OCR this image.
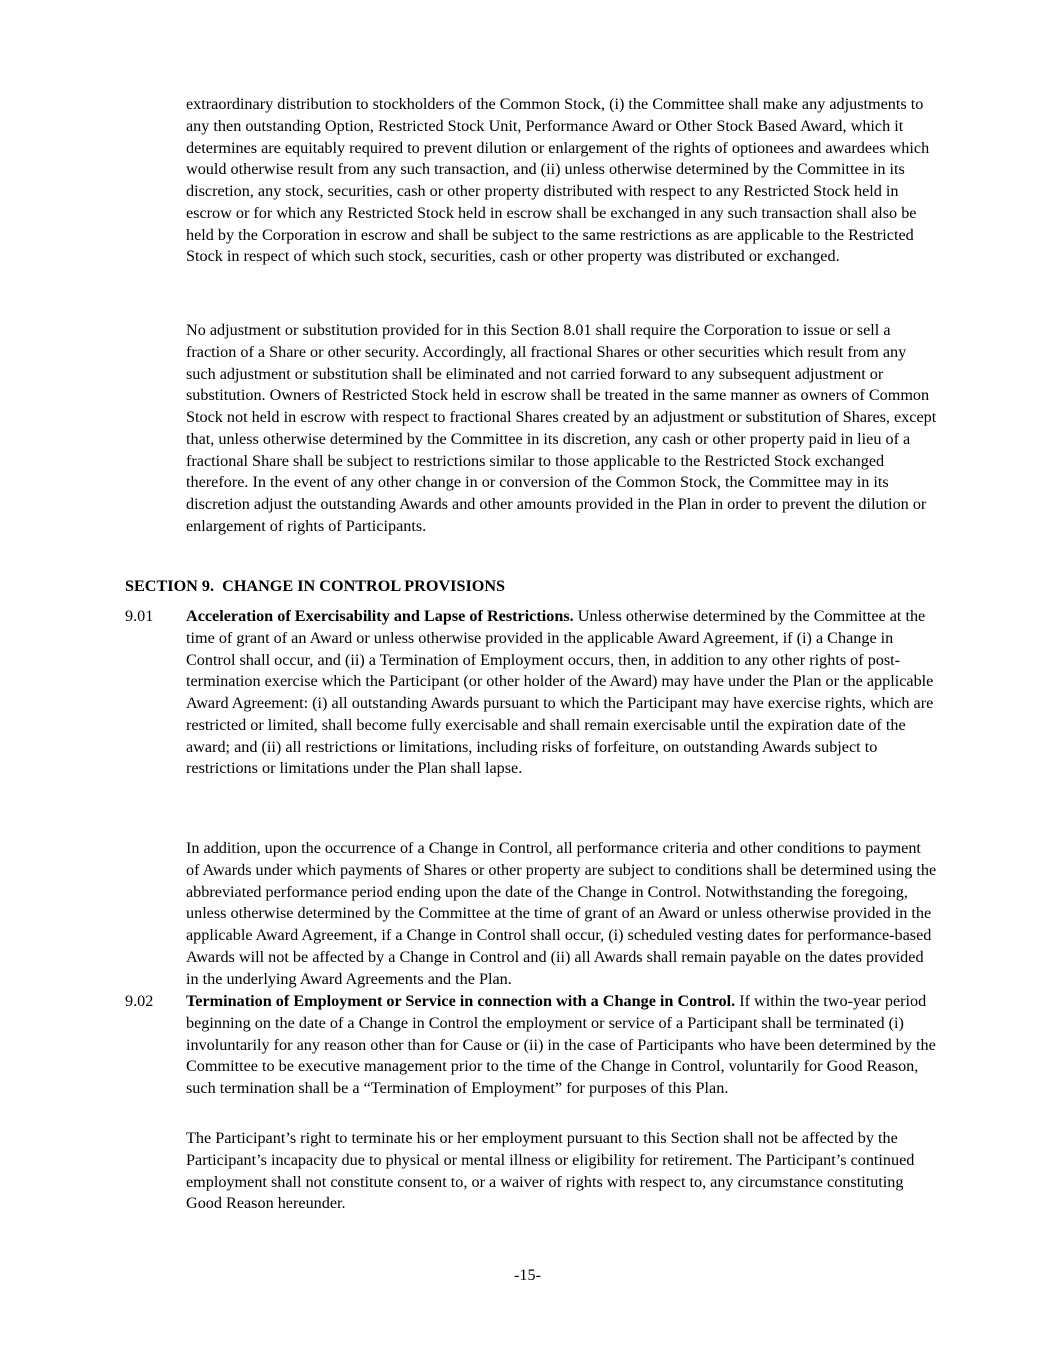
extraordinary distribution to stockholders of the Common Stock, (i) the Committee shall make any adjustments to any then outstanding Option, Restricted Stock Unit, Performance Award or Other Stock Based Award, which it determines are equitably required to prevent dilution or enlargement of the rights of optionees and awardees which would otherwise result from any such transaction, and (ii) unless otherwise determined by the Committee in its discretion, any stock, securities, cash or other property distributed with respect to any Restricted Stock held in escrow or for which any Restricted Stock held in escrow shall be exchanged in any such transaction shall also be held by the Corporation in escrow and shall be subject to the same restrictions as are applicable to the Restricted Stock in respect of which such stock, securities, cash or other property was distributed or exchanged.

No adjustment or substitution provided for in this Section 8.01 shall require the Corporation to issue or sell a fraction of a Share or other security. Accordingly, all fractional Shares or other securities which result from any such adjustment or substitution shall be eliminated and not carried forward to any subsequent adjustment or substitution. Owners of Restricted Stock held in escrow shall be treated in the same manner as owners of Common Stock not held in escrow with respect to fractional Shares created by an adjustment or substitution of Shares, except that, unless otherwise determined by the Committee in its discretion, any cash or other property paid in lieu of a fractional Share shall be subject to restrictions similar to those applicable to the Restricted Stock exchanged therefore. In the event of any other change in or conversion of the Common Stock, the Committee may in its discretion adjust the outstanding Awards and other amounts provided in the Plan in order to prevent the dilution or enlargement of rights of Participants.

SECTION 9.  CHANGE IN CONTROL PROVISIONS
9.01 Acceleration of Exercisability and Lapse of Restrictions. Unless otherwise determined by the Committee at the time of grant of an Award or unless otherwise provided in the applicable Award Agreement, if (i) a Change in Control shall occur, and (ii) a Termination of Employment occurs, then, in addition to any other rights of post-termination exercise which the Participant (or other holder of the Award) may have under the Plan or the applicable Award Agreement: (i) all outstanding Awards pursuant to which the Participant may have exercise rights, which are restricted or limited, shall become fully exercisable and shall remain exercisable until the expiration date of the award; and (ii) all restrictions or limitations, including risks of forfeiture, on outstanding Awards subject to restrictions or limitations under the Plan shall lapse.

In addition, upon the occurrence of a Change in Control, all performance criteria and other conditions to payment of Awards under which payments of Shares or other property are subject to conditions shall be determined using the abbreviated performance period ending upon the date of the Change in Control. Notwithstanding the foregoing, unless otherwise determined by the Committee at the time of grant of an Award or unless otherwise provided in the applicable Award Agreement, if a Change in Control shall occur, (i) scheduled vesting dates for performance-based Awards will not be affected by a Change in Control and (ii) all Awards shall remain payable on the dates provided in the underlying Award Agreements and the Plan.

9.02 Termination of Employment or Service in connection with a Change in Control. If within the two-year period beginning on the date of a Change in Control the employment or service of a Participant shall be terminated (i) involuntarily for any reason other than for Cause or (ii) in the case of Participants who have been determined by the Committee to be executive management prior to the time of the Change in Control, voluntarily for Good Reason, such termination shall be a “Termination of Employment” for purposes of this Plan.

The Participant’s right to terminate his or her employment pursuant to this Section shall not be affected by the Participant’s incapacity due to physical or mental illness or eligibility for retirement. The Participant’s continued employment shall not constitute consent to, or a waiver of rights with respect to, any circumstance constituting Good Reason hereunder.

-15-
